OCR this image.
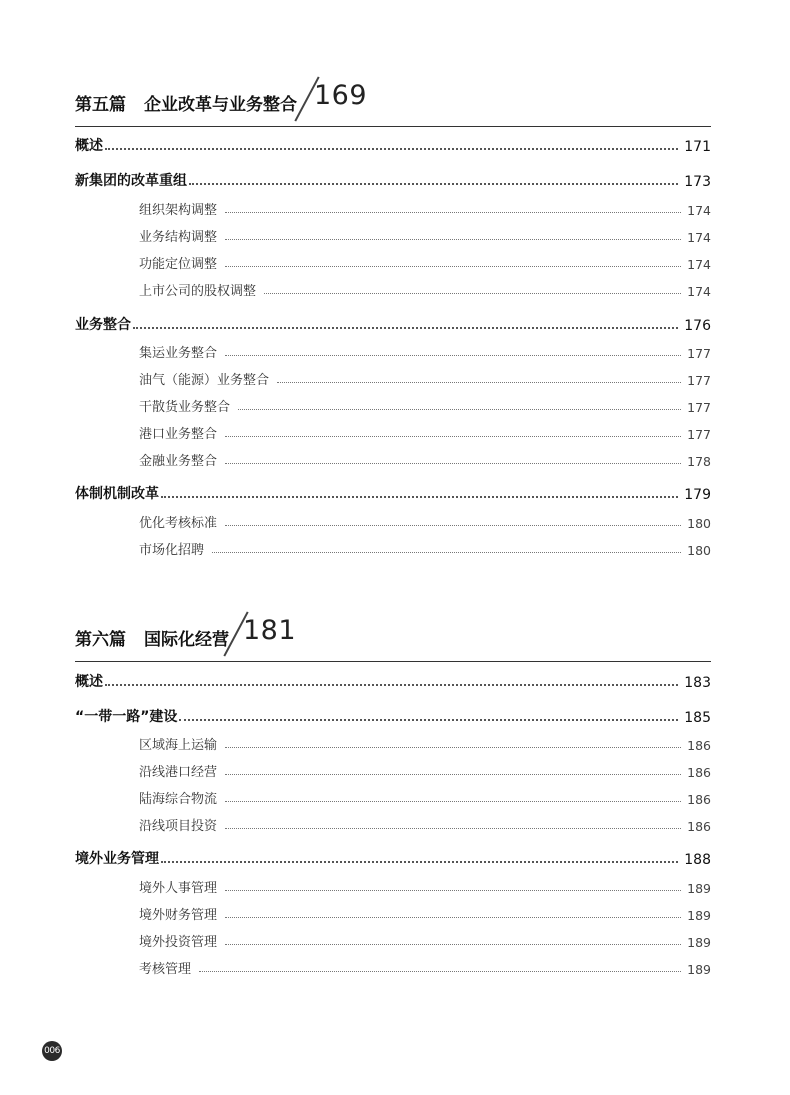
第五篇 企业改革与业务整合 169
概述	171
新集团的改革重组	173
组织架构调整	174
业务结构调整	174
功能定位调整	174
上市公司的股权调整	174
业务整合	176
集运业务整合	177
油气（能源）业务整合	177
干散货业务整合	177
港口业务整合	177
金融业务整合	178
体制机制改革	179
优化考核标准	180
市场化招聘	180
第六篇 国际化经营 181
概述	183
“一带一路”建设	185
区域海上运输	186
沿线港口经营	186
陆海综合物流	186
沿线项目投资	186
境外业务管理	188
境外人事管理	189
境外财务管理	189
境外投资管理	189
考核管理	189
006
